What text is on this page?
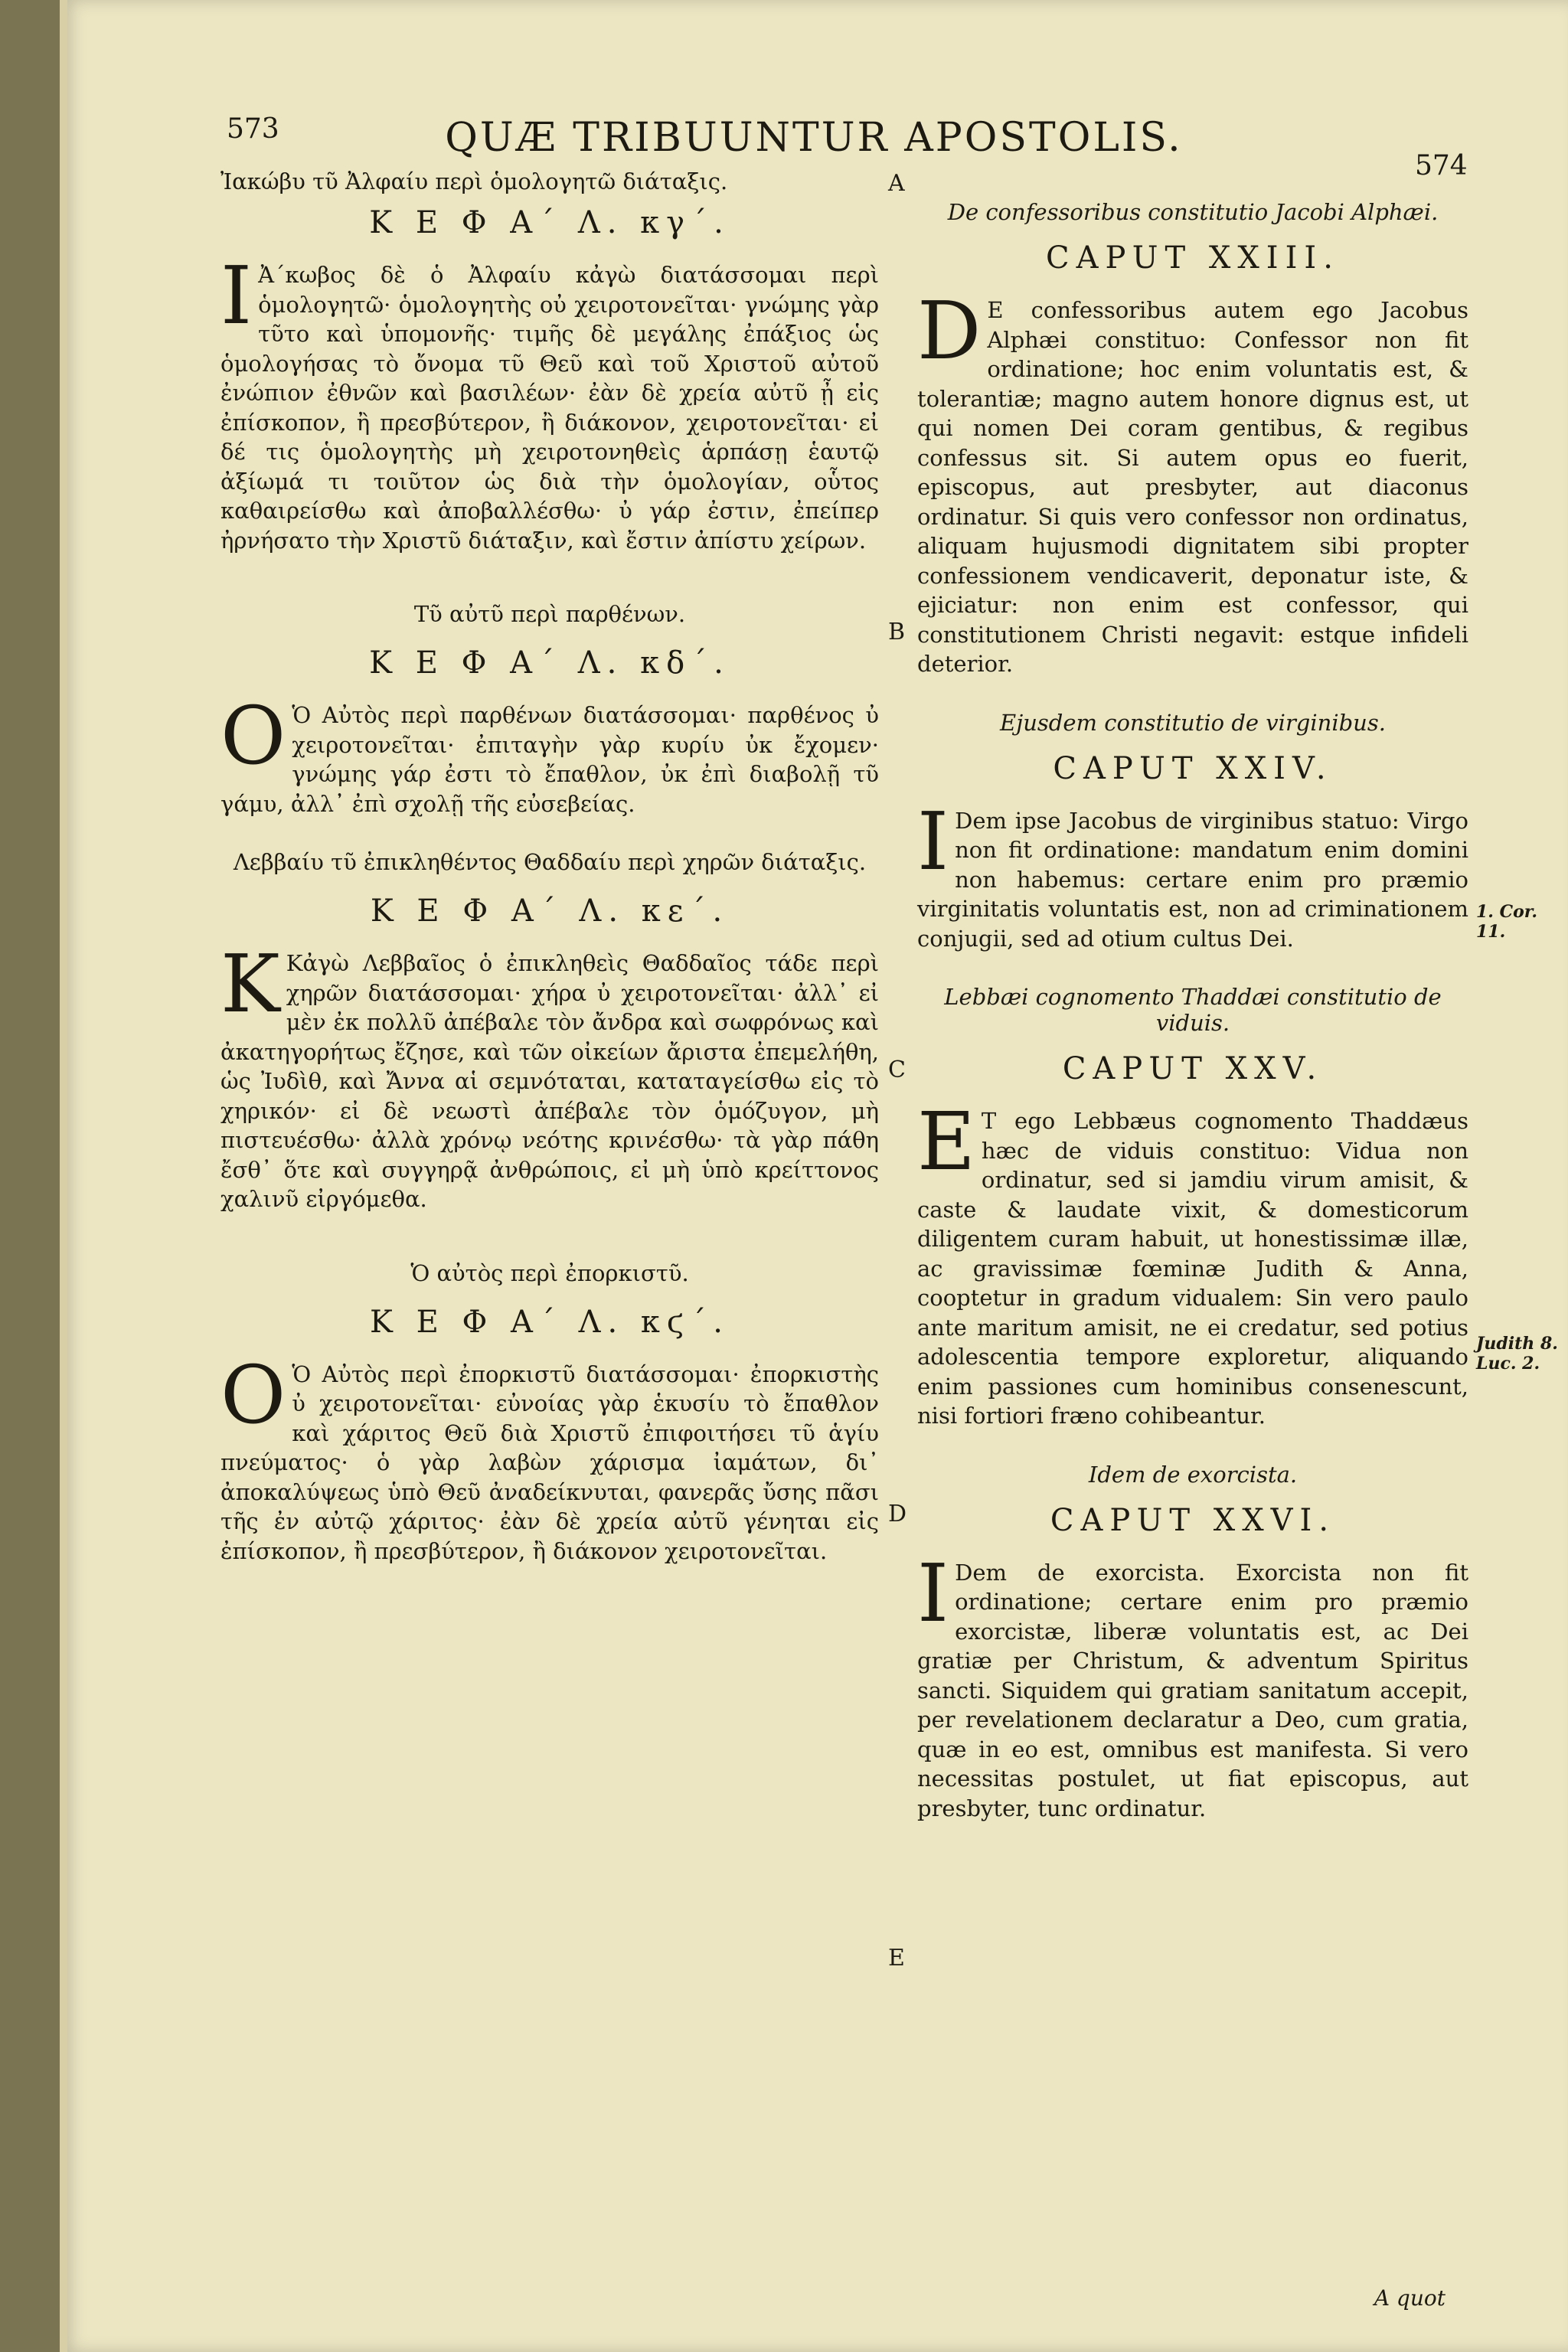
573	QUÆ TRIBUUNTUR APOSTOLIS.
574

Ἰακώβυ τῦ Ἀλφαίυ περὶ ὁμολογητῶ διάταξις.

Κ Ε Φ Α΄ Λ. κγ΄.

Ι Ἀ΄κωβος δὲ ὁ Ἀλφαίυ κἀγὼ διατάσσομαι περὶ ὁμολογητῶ· ὁμολογητὴς οὐ χειροτονεῖται· γνώμης γὰρ τῦτο καὶ ὑπομονῆς· τιμῆς δὲ μεγάλης ἐπάξιος ὡς ὁμολογήσας τὸ ὄνομα τῦ Θεῦ καὶ τοῦ Χριστοῦ αὐτοῦ ἐνώπιον ἐθνῶν καὶ βασιλέων· ἐὰν δὲ χρεία αὐτῦ ᾖ εἰς ἐπίσκοπον, ἢ πρεσβύτερον, ἢ διάκονον, χειροτονεῖται· εἰ δέ τις ὁμολογητὴς μὴ χειροτονηθεὶς ἁρπάσῃ ἑαυτῷ ἀξίωμά τι τοιῦτον ὡς διὰ τὴν ὁμολογίαν, οὗτος καθαιρείσθω καὶ ἀποβαλλέσθω· ὐ γάρ ἐστιν, ἐπείπερ ἠρνήσατο τὴν Χριστῦ διάταξιν, καὶ ἔστιν ἀπίστυ χείρων.

Τῦ αὐτῦ περὶ παρθένων.

Κ Ε Φ Α΄ Λ. κδ΄.

Ο Ὁ Αὐτὸς περὶ παρθένων διατάσσομαι· παρθένος ὐ χειροτονεῖται· ἐπιταγὴν γὰρ κυρίυ ὐκ ἔχομεν· γνώμης γάρ ἐστι τὸ ἔπαθλον, ὐκ ἐπὶ διαβολῇ τῦ γάμυ, ἀλλ᾽ ἐπὶ σχολῇ τῆς εὐσεβείας.

Λεββαίυ τῦ ἐπικληθέντος Θαδδαίυ περὶ χηρῶν διάταξις.

Κ Ε Φ Α΄ Λ. κε΄.

Κ Κἀγὼ Λεββαῖος ὁ ἐπικληθεὶς Θαδδαῖος τάδε περὶ χηρῶν διατάσσομαι· χήρα ὐ χειροτονεῖται· ἀλλ᾽ εἰ μὲν ἐκ πολλῦ ἀπέβαλε τὸν ἄνδρα καὶ σωφρόνως καὶ ἀκατηγορήτως ἔζησε, καὶ τῶν οἰκείων ἄριστα ἐπεμελήθη, ὡς Ἰυδὶθ, καὶ Ἄννα αἱ σεμνόταται, καταταγείσθω εἰς τὸ χηρικόν· εἰ δὲ νεωστὶ ἀπέβαλε τὸν ὁμόζυγον, μὴ πιστευέσθω· ἀλλὰ χρόνῳ νεότης κρινέσθω· τὰ γὰρ πάθη ἔσθ᾽ ὅτε καὶ συγγηρᾷ ἀνθρώποις, εἰ μὴ ὑπὸ κρείττονος χαλινῦ εἰργόμεθα.

Ὁ αὐτὸς περὶ ἐπορκιστῦ.

Κ Ε Φ Α΄ Λ. κϛ΄.

Ο Ὁ Αὐτὸς περὶ ἐπορκιστῦ διατάσσομαι· ἐπορκιστὴς ὐ χειροτονεῖται· εὐνοίας γὰρ ἑκυσίυ τὸ ἔπαθλον καὶ χάριτος Θεῦ διὰ Χριστῦ ἐπιφοιτήσει τῦ ἁγίυ πνεύματος· ὁ γὰρ λαβὼν χάρισμα ἰαμάτων, δι᾽ ἀποκαλύψεως ὑπὸ Θεῦ ἀναδείκνυται, φανερᾶς ὔσης πᾶσι τῆς ἐν αὐτῷ χάριτος· ἐὰν δὲ χρεία αὐτῦ γένηται εἰς ἐπίσκοπον, ἢ πρεσβύτερον, ἢ διάκονον χειροτονεῖται.

A
B
C
D
E

De confessoribus constitutio Jacobi Alphæi.

CAPUT XXIII.

D E confessoribus autem ego Jacobus Alphæi constituo: Confessor non fit ordinatione; hoc enim voluntatis est, & tolerantiæ; magno autem honore dignus est, ut qui nomen Dei coram gentibus, & regibus confessus sit. Si autem opus eo fuerit, episcopus, aut presbyter, aut diaconus ordinatur. Si quis vero confessor non ordinatus, aliquam hujusmodi dignitatem sibi propter confessionem vendicaverit, deponatur iste, & ejiciatur: non enim est confessor, qui constitutionem Christi negavit: estque infideli deterior.

Ejusdem constitutio de virginibus.

CAPUT XXIV.

I Dem ipse Jacobus de virginibus statuo: Virgo non fit ordinatione: mandatum enim domini non habemus: certare enim pro præmio virginitatis voluntatis est, non ad criminationem conjugii, sed ad otium cultus Dei.

Lebbæi cognomento Thaddæi constitutio de viduis.

CAPUT XXV.

E T ego Lebbæus cognomento Thaddæus hæc de viduis constituo: Vidua non ordinatur, sed si jamdiu virum amisit, & caste & laudate vixit, & domesticorum diligentem curam habuit, ut honestissimæ illæ, ac gravissimæ fœminæ Judith & Anna, cooptetur in gradum vidualem: Sin vero paulo ante maritum amisit, ne ei credatur, sed potius adolescentia tempore exploretur, aliquando enim passiones cum hominibus consenescunt, nisi fortiori fræno cohibeantur.

Idem de exorcista.

CAPUT XXVI.

I Dem de exorcista. Exorcista non fit ordinatione; certare enim pro præmio exorcistæ, liberæ voluntatis est, ac Dei gratiæ per Christum, & adventum Spiritus sancti. Siquidem qui gratiam sanitatum accepit, per revelationem declaratur a Deo, cum gratia, quæ in eo est, omnibus est manifesta. Si vero necessitas postulet, ut fiat episcopus, aut presbyter, tunc ordinatur.

1. Cor. 11.
Judith 8. Luc. 2.
A quot
